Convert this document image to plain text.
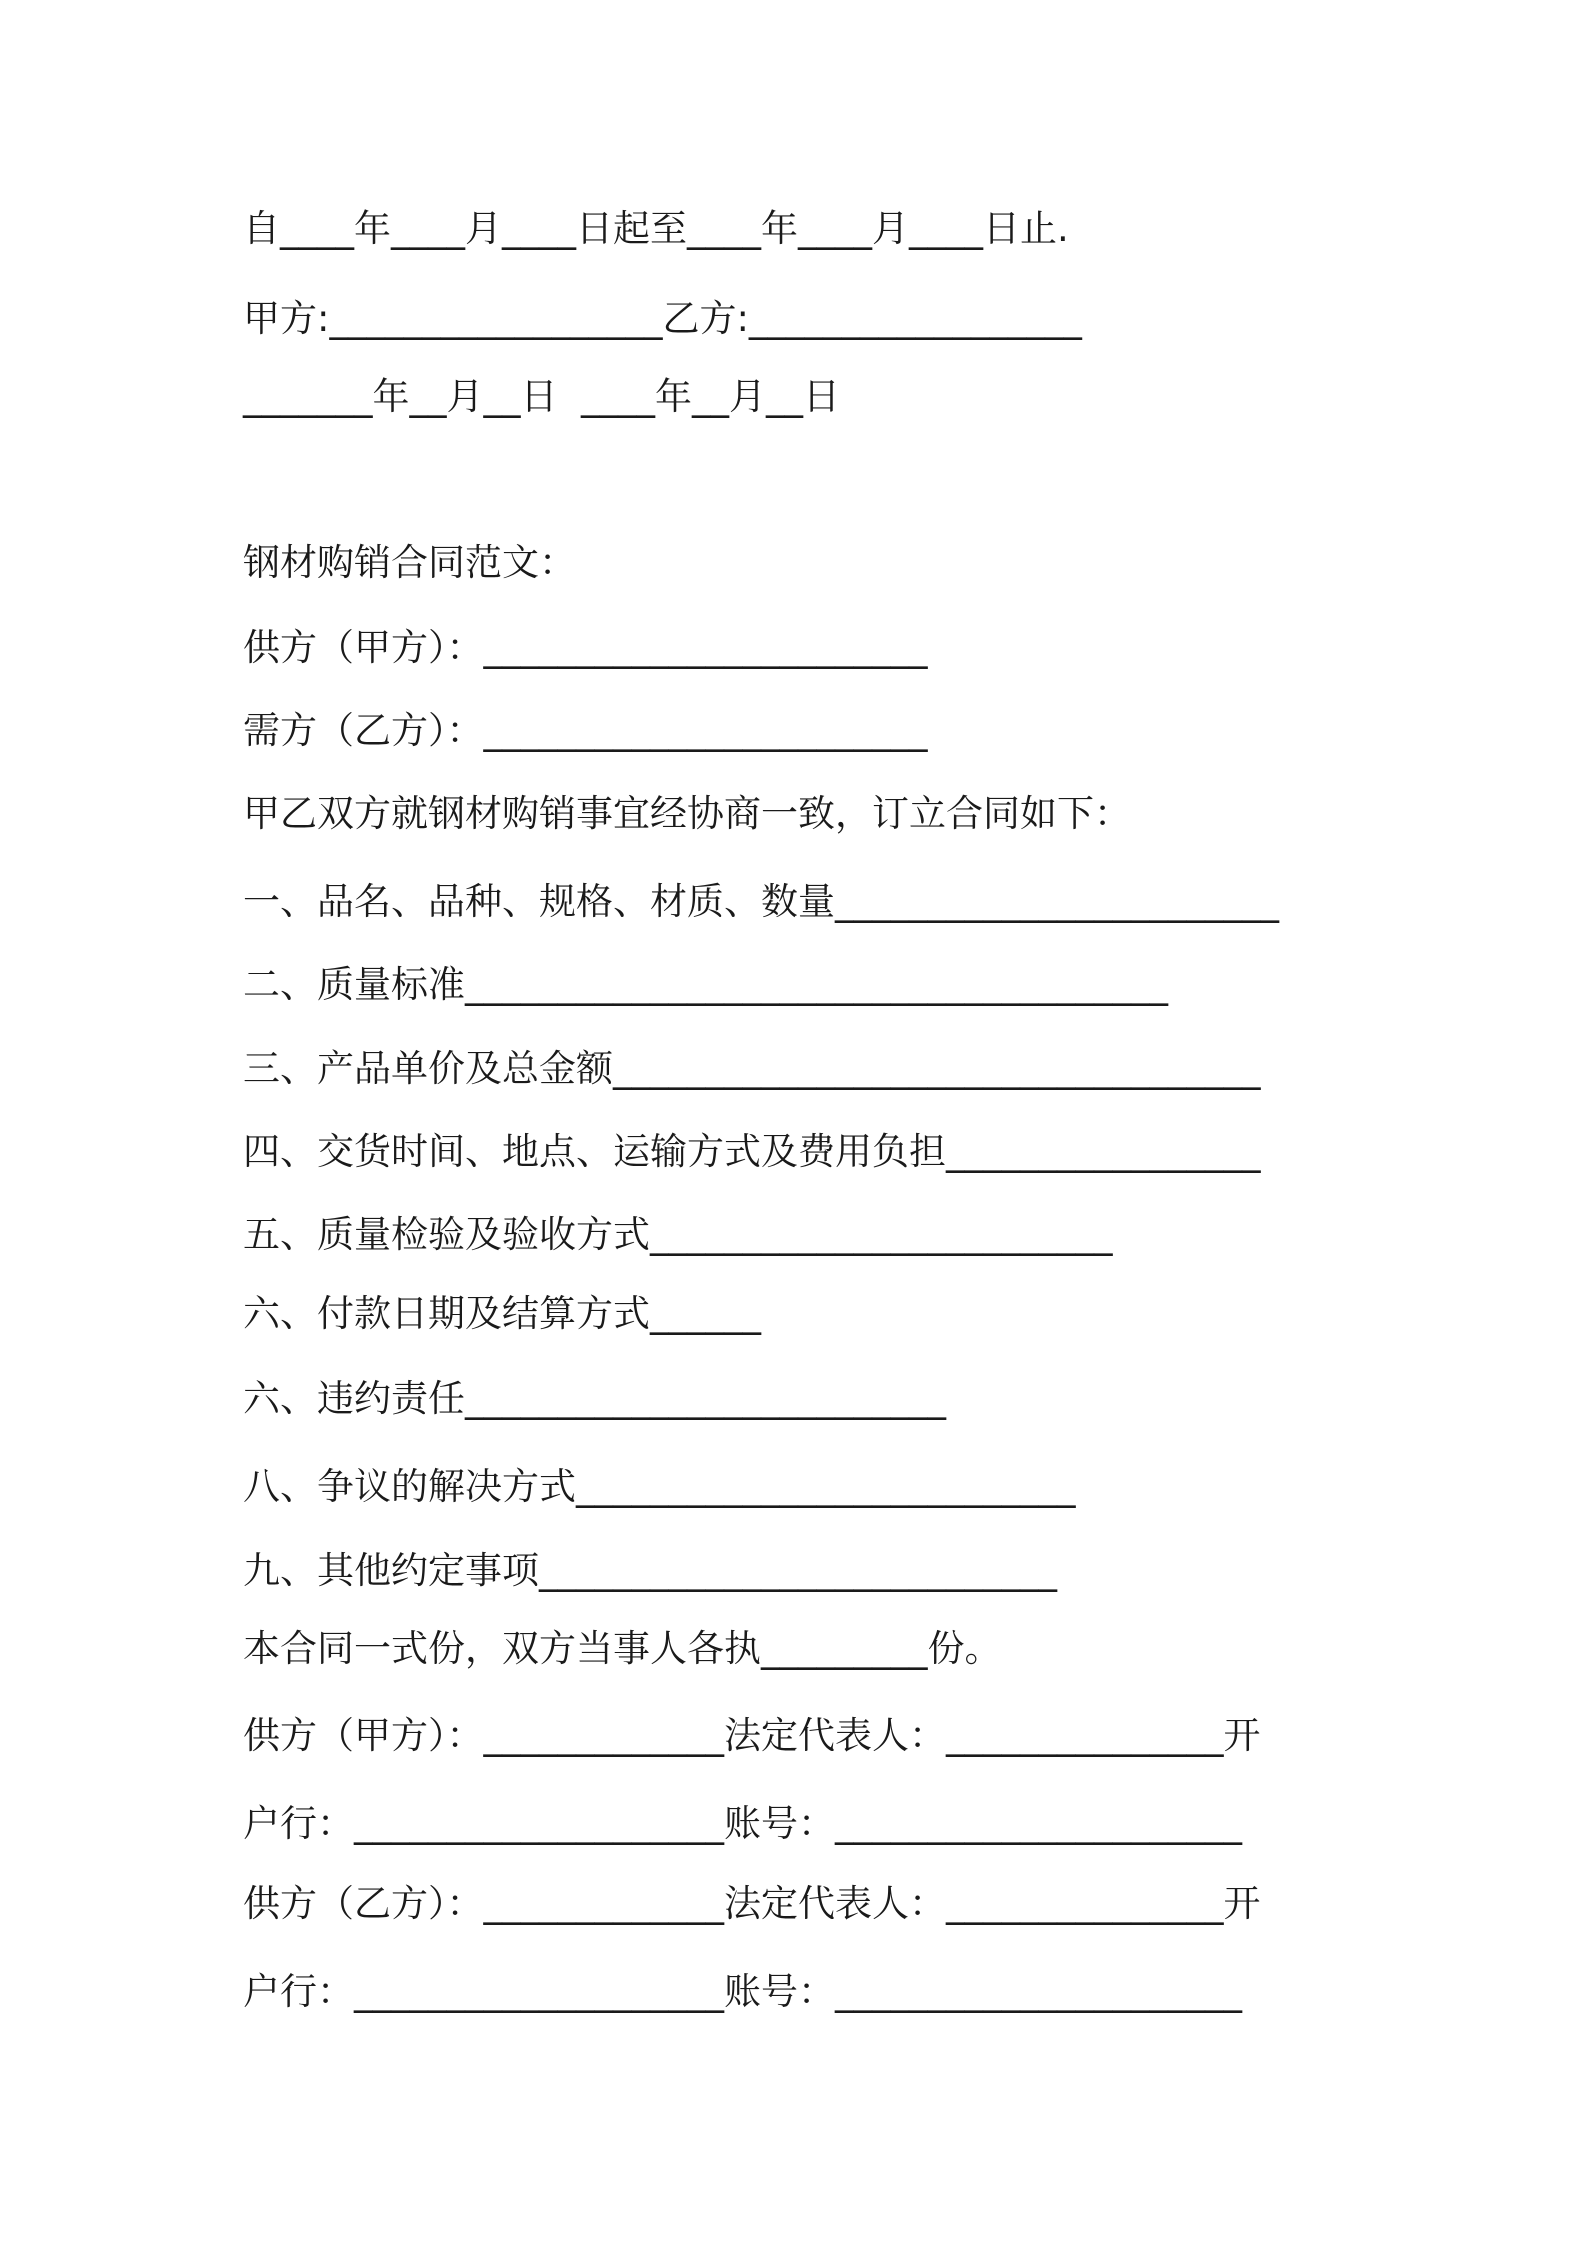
自____年____月____日起至____年____月____日止.
甲方:__________________乙方:__________________
_______年__月__日  ____年__月__日
钢材购销合同范文：
供方（甲方）：________________________
需方（乙方）：________________________
甲乙双方就钢材购销事宜经协商一致，订立合同如下：
一、品名、品种、规格、材质、数量________________________
二、质量标准______________________________________
三、产品单价及总金额___________________________________
四、交货时间、地点、运输方式及费用负担_________________
五、质量检验及验收方式_________________________
六、付款日期及结算方式______
六、违约责任__________________________
八、争议的解决方式___________________________
九、其他约定事项____________________________
本合同一式份，双方当事人各执_________份。
供方（甲方）：_____________法定代表人：_______________开
户行：____________________账号：______________________
供方（乙方）：_____________法定代表人：_______________开
户行：____________________账号：______________________
